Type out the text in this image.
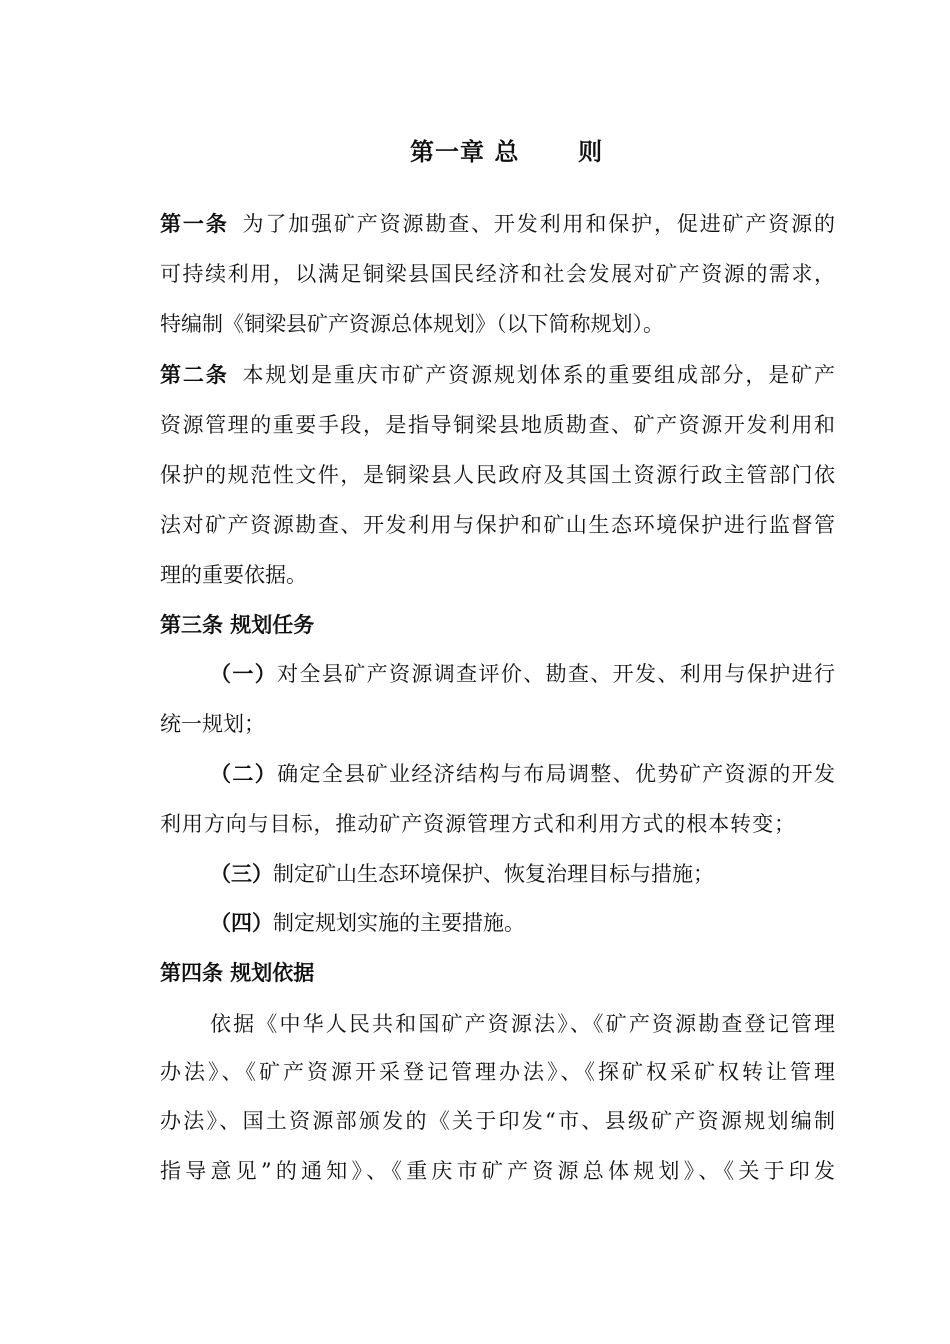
第一章 总 则

第一条 为了加强矿产资源勘查、开发利用和保护，促进矿产资源的

可持续利用，以满足铜梁县国民经济和社会发展对矿产资源的需求，

特编制《铜梁县矿产资源总体规划》（以下简称规划）。

第二条 本规划是重庆市矿产资源规划体系的重要组成部分，是矿产

资源管理的重要手段，是指导铜梁县地质勘查、矿产资源开发利用和

保护的规范性文件，是铜梁县人民政府及其国土资源行政主管部门依

法对矿产资源勘查、开发利用与保护和矿山生态环境保护进行监督管

理的重要依据。

第三条 规划任务

（一）对全县矿产资源调查评价、勘查、开发、利用与保护进行

统一规划；

（二）确定全县矿业经济结构与布局调整、优势矿产资源的开发

利用方向与目标，推动矿产资源管理方式和利用方式的根本转变；

（三）制定矿山生态环境保护、恢复治理目标与措施；

（四）制定规划实施的主要措施。

第四条 规划依据

依据《中华人民共和国矿产资源法》、《矿产资源勘查登记管理

办法》、《矿产资源开采登记管理办法》、《探矿权采矿权转让管理

办法》、国土资源部颁发的《关于印发“市、县级矿产资源规划编制

指导意见”的通知》、《重庆市矿产资源总体规划》、《关于印发
